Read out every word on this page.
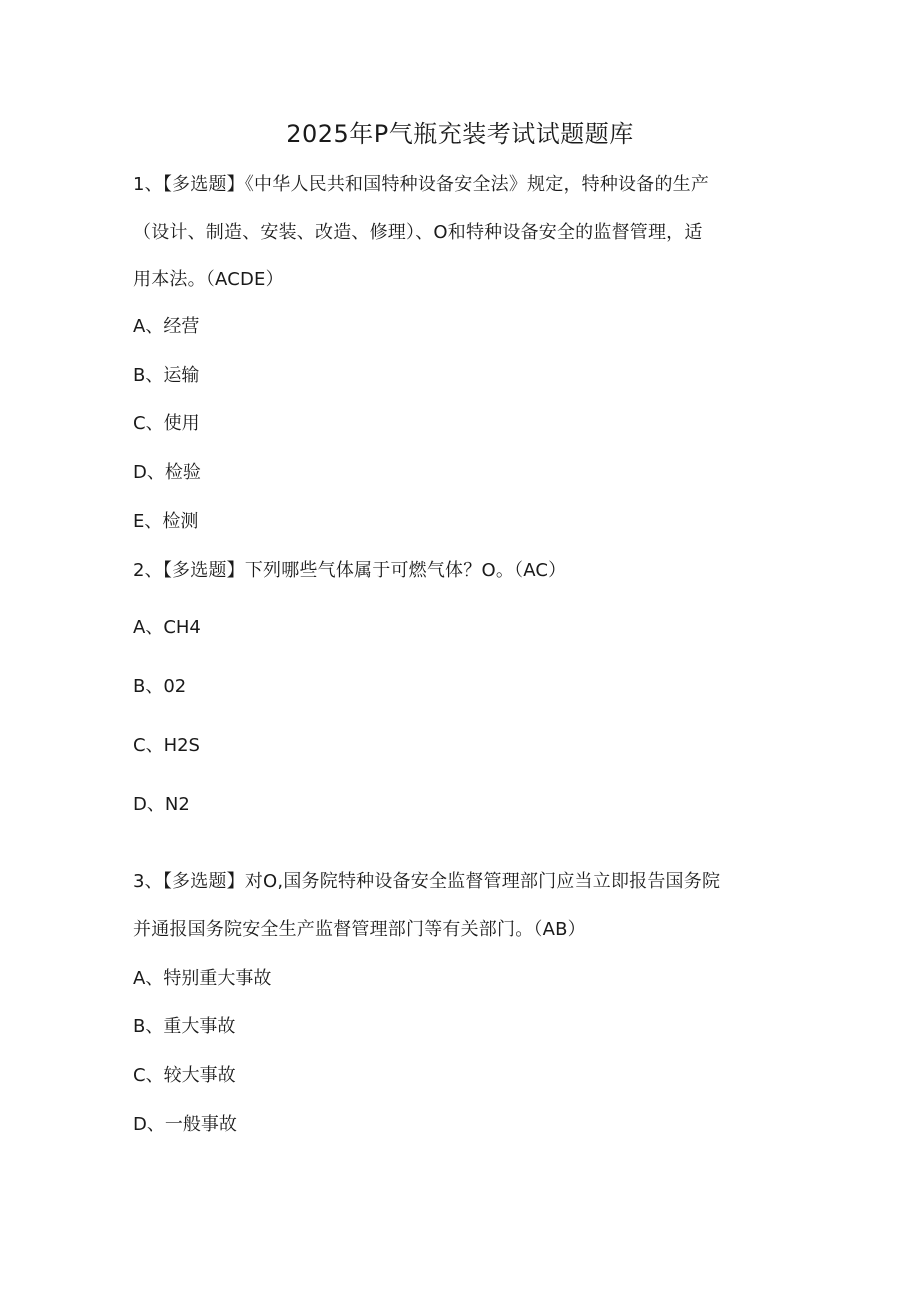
2025年P气瓶充装考试试题题库
1、【多选题】《中华人民共和国特种设备安全法》规定，特种设备的生产
（设计、制造、安装、改造、修理）、O和特种设备安全的监督管理，适
用本法。（ACDE）
A、经营
B、运输
C、使用
D、检验
E、检测
2、【多选题】下列哪些气体属于可燃气体？O。（AC）
A、CH4
B、02
C、H2S
D、N2
3、【多选题】对O,国务院特种设备安全监督管理部门应当立即报告国务院
并通报国务院安全生产监督管理部门等有关部门。（AB）
A、特别重大事故
B、重大事故
C、较大事故
D、一般事故
